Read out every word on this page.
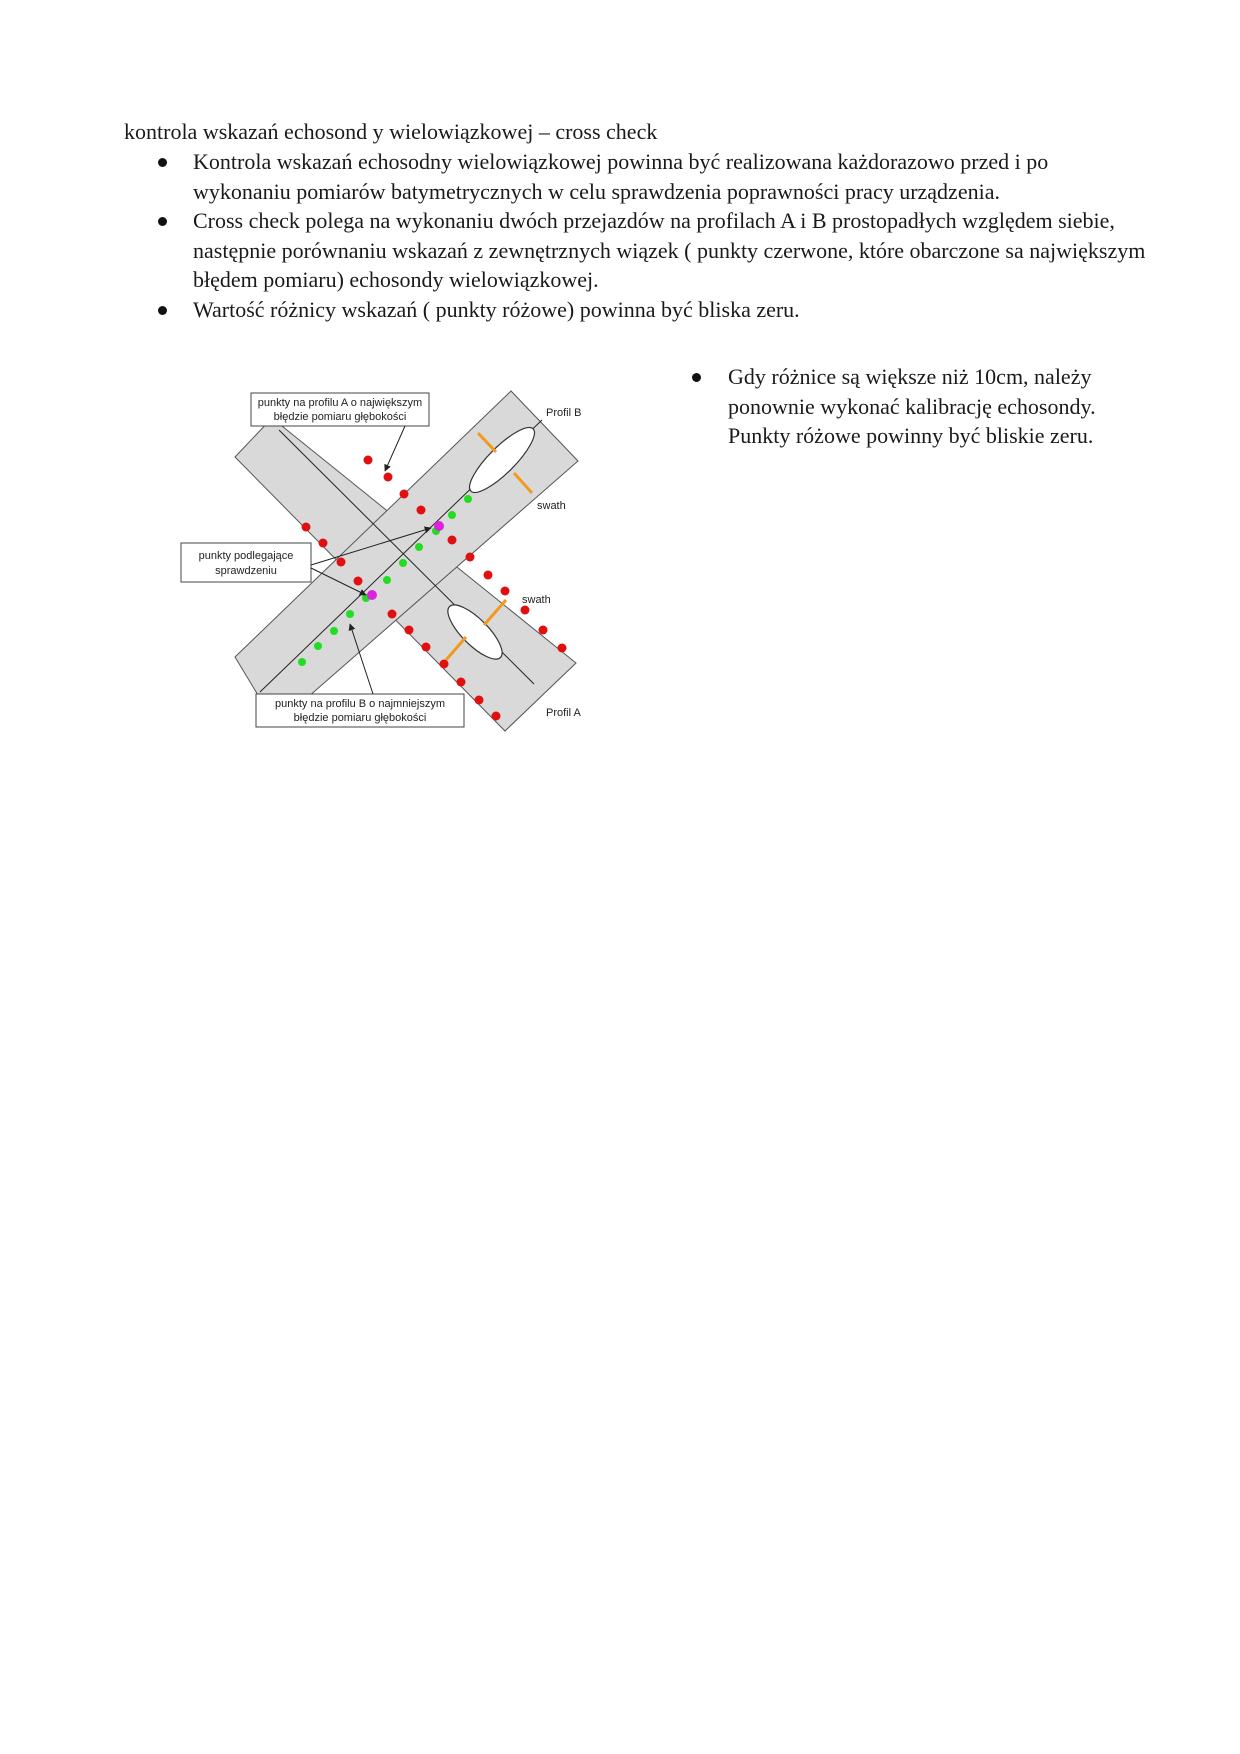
kontrola wskazań echosond y wielowiązkowej – cross check
Kontrola wskazań echosodny wielowiązkowej powinna być realizowana każdorazowo przed i po wykonaniu pomiarów batymetrycznych w celu sprawdzenia poprawności pracy urządzenia.
Cross check polega na wykonaniu dwóch przejazdów na profilach A i B prostopadłych względem siebie, następnie porównaniu wskazań z zewnętrznych wiązek ( punkty czerwone, które obarczone sa największym błędem pomiaru) echosondy wielowiązkowej.
Wartość różnicy wskazań ( punkty różowe) powinna być bliska zeru.
Gdy różnice są większe niż 10cm, należy ponownie wykonać kalibrację echosondy. Punkty różowe powinny być bliskie zeru.
punkty na profilu A o największym
błędzie pomiaru głębokości
punkty podlegające
sprawdzeniu
punkty na profilu B o najmniejszym
błędzie pomiaru głębokości
Profil B
Profil A
swath
swath
